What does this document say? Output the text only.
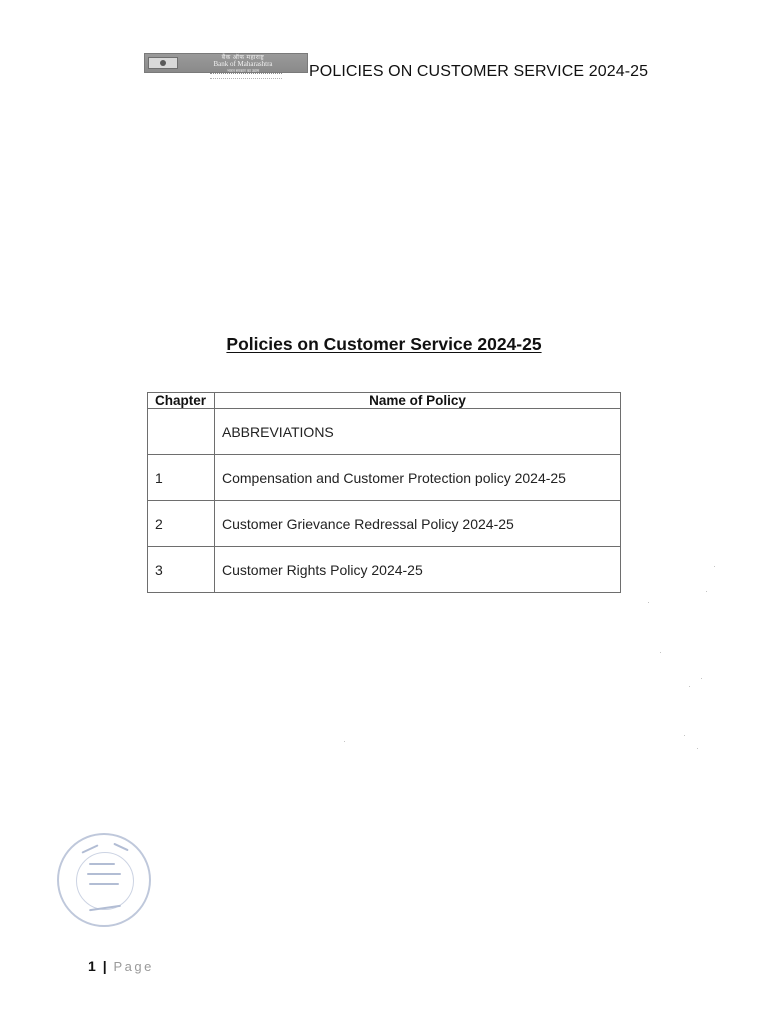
बैंक ऑफ महाराष्ट्र
Bank of Maharashtra
भारत सरकार का उद्यम	POLICIES ON CUSTOMER SERVICE 2024-25
Policies on Customer Service 2024-25
Chapter	Name of Policy
	ABBREVIATIONS
1	Compensation and Customer Protection policy 2024-25
2	Customer Grievance Redressal Policy 2024-25
3	Customer Rights Policy 2024-25
1 | Page
